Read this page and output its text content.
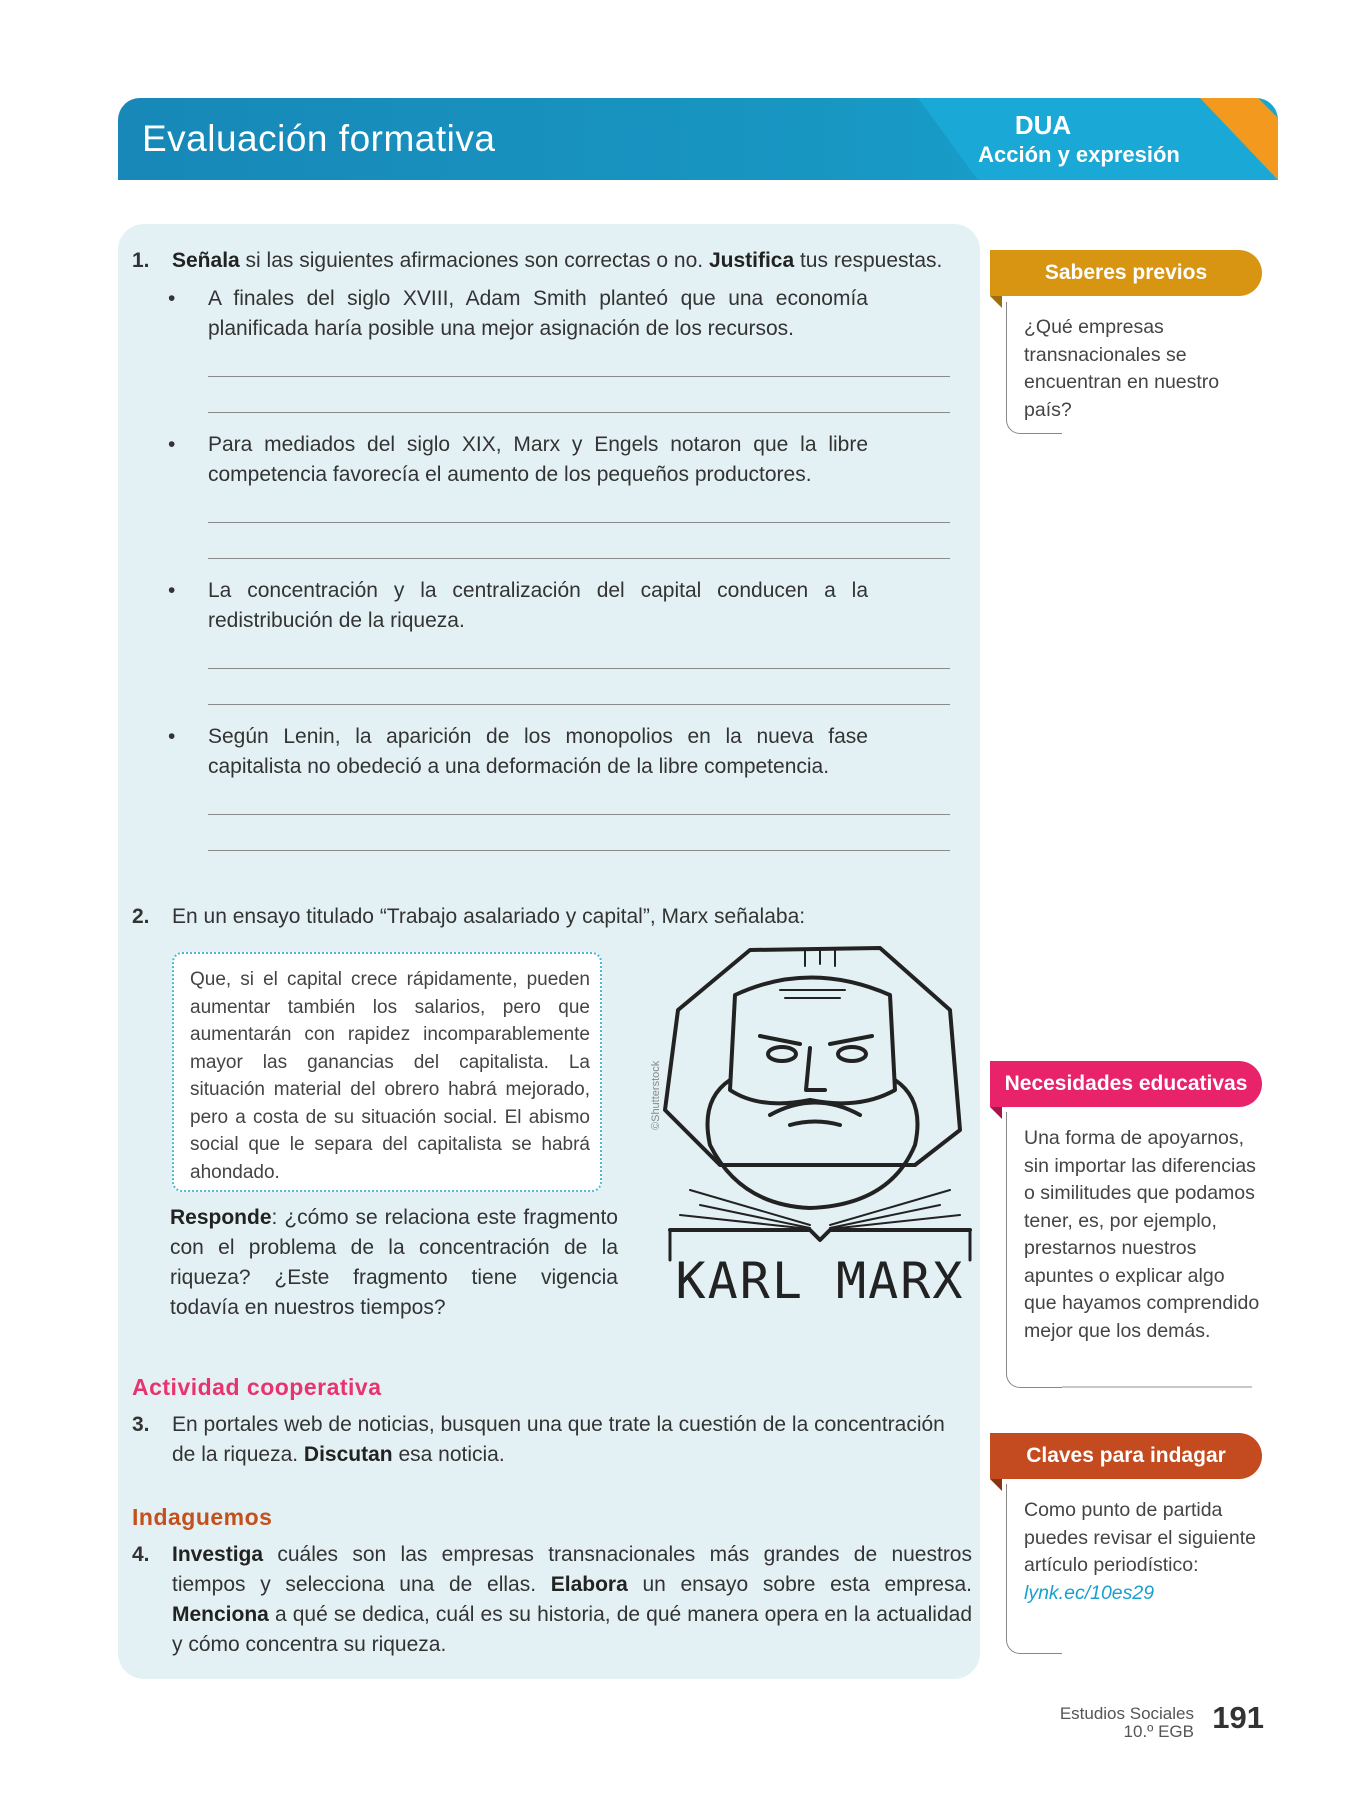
Evaluación formativa	DUA
Acción y expresión
1. Señala si las siguientes afirmaciones son correctas o no. Justifica tus respuestas.
• A finales del siglo XVIII, Adam Smith planteó que una economía planificada haría posible una mejor asignación de los recursos.
• Para mediados del siglo XIX, Marx y Engels notaron que la libre competencia favorecía el aumento de los pequeños productores.
• La concentración y la centralización del capital conducen a la redistribución de la riqueza.
• Según Lenin, la aparición de los monopolios en la nueva fase capitalista no obedeció a una deformación de la libre competencia.
2. En un ensayo titulado “Trabajo asalariado y capital”, Marx señalaba:

Que, si el capital crece rápidamente, pueden aumentar también los salarios, pero que aumentarán con rapidez incomparablemente mayor las ganancias del capitalista. La situación material del obrero habrá mejorado, pero a costa de su situación social. El abismo social que le separa del capitalista se habrá ahondado.

Responde: ¿cómo se relaciona este fragmento con el problema de la concentración de la riqueza? ¿Este fragmento tiene vigencia todavía en nuestros tiempos?	KARL MARX
©Shutterstock
Actividad cooperativa
3. En portales web de noticias, busquen una que trate la cuestión de la concentración de la riqueza. Discutan esa noticia.
Indaguemos
4. Investiga cuáles son las empresas transnacionales más grandes de nuestros tiempos y selecciona una de ellas. Elabora un ensayo sobre esta empresa. Menciona a qué se dedica, cuál es su historia, de qué manera opera en la actualidad y cómo concentra su riqueza.
Saberes previos
¿Qué empresas transnacionales se encuentran en nuestro país?
Necesidades educativas
Una forma de apoyarnos, sin importar las diferencias o similitudes que podamos tener, es, por ejemplo, prestarnos nuestros apuntes o explicar algo que hayamos comprendido mejor que los demás.
Claves para indagar
Como punto de partida puedes revisar el siguiente artículo periodístico:
lynk.ec/10es29
Estudios Sociales
10.º EGB 191
